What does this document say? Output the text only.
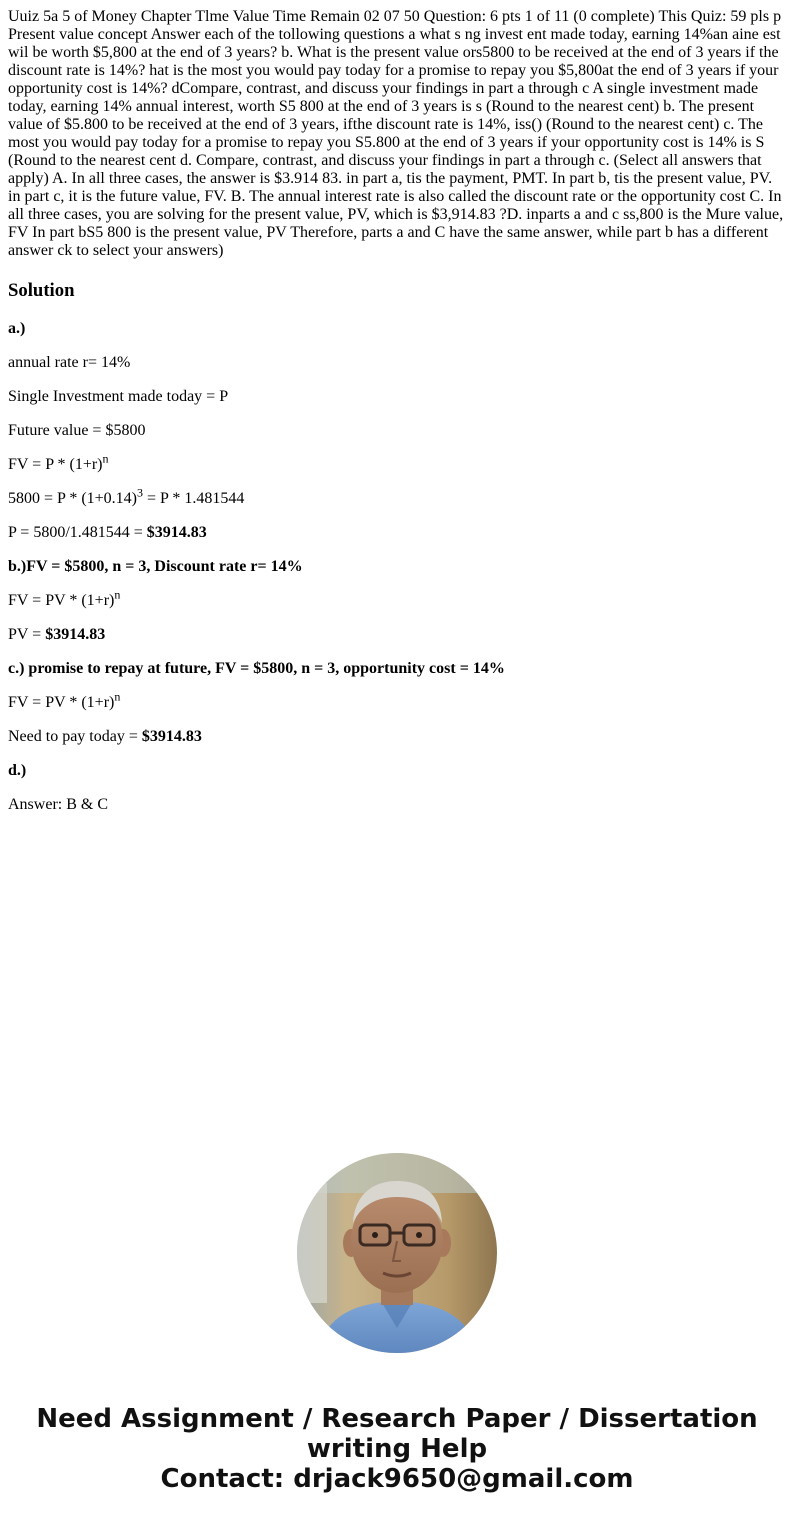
Uuiz 5a 5 of Money Chapter Tlme Value Time Remain 02 07 50 Question: 6 pts 1 of 11 (0 complete) This Quiz: 59 pls p Present value concept Answer each of the tollowing questions a what s ng invest ent made today, earning 14%an aine est wil be worth $5,800 at the end of 3 years? b. What is the present value ors5800 to be received at the end of 3 years if the discount rate is 14%? hat is the most you would pay today for a promise to repay you $5,800at the end of 3 years if your opportunity cost is 14%? dCompare, contrast, and discuss your findings in part a through c A single investment made today, earning 14% annual interest, worth S5 800 at the end of 3 years is s (Round to the nearest cent) b. The present value of $5.800 to be received at the end of 3 years, ifthe discount rate is 14%, iss() (Round to the nearest cent) c. The most you would pay today for a promise to repay you S5.800 at the end of 3 years if your opportunity cost is 14% is S (Round to the nearest cent d. Compare, contrast, and discuss your findings in part a through c. (Select all answers that apply) A. In all three cases, the answer is $3.914 83. in part a, tis the payment, PMT. In part b, tis the present value, PV. in part c, it is the future value, FV. B. The annual interest rate is also called the discount rate or the opportunity cost C. In all three cases, you are solving for the present value, PV, which is $3,914.83 ?D. inparts a and c ss,800 is the Mure value, FV In part bS5 800 is the present value, PV Therefore, parts a and C have the same answer, while part b has a different answer ck to select your answers)
Solution

a.)

annual rate r= 14%

Single Investment made today = P

Future value = $5800

FV = $P * (1+r)^n$

$5800 = P * (1+0.14)^3 = P * 1.481544$

P = 5800/1.481544 = $3914.83

b.)FV = $5800, n = 3, Discount rate r= 14%

FV = PV * $(1+r)^n$

PV = $3914.83

c.) promise to repay at future, FV = $5800, n = 3, opportunity cost = 14%

FV = PV * $(1+r)^n$

Need to pay today = $3914.83

d.)

Answer: B & C

Need Assignment / Research Paper / Dissertation
writing Help
Contact: drjack9650@gmail.com
